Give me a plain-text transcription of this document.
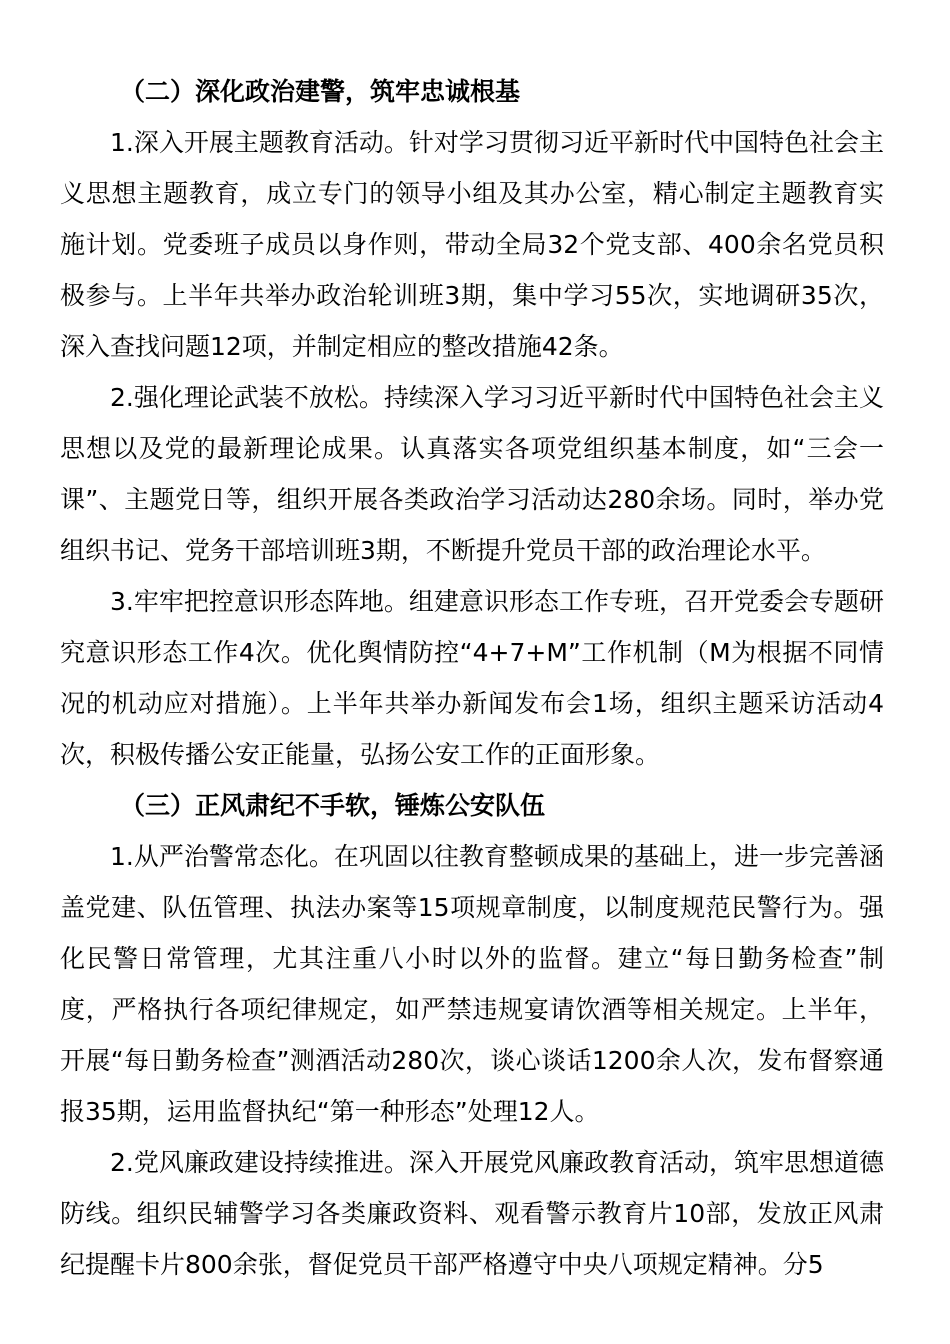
（二）深化政治建警，筑牢忠诚根基

1.深入开展主题教育活动。针对学习贯彻习近平新时代中国特色社会主义思想主题教育，成立专门的领导小组及其办公室，精心制定主题教育实施计划。党委班子成员以身作则，带动全局32个党支部、400余名党员积极参与。上半年共举办政治轮训班3期，集中学习55次，实地调研35次，深入查找问题12项，并制定相应的整改措施42条。

2.强化理论武装不放松。持续深入学习习近平新时代中国特色社会主义思想以及党的最新理论成果。认真落实各项党组织基本制度，如“三会一课”、主题党日等，组织开展各类政治学习活动达280余场。同时，举办党组织书记、党务干部培训班3期，不断提升党员干部的政治理论水平。

3.牢牢把控意识形态阵地。组建意识形态工作专班，召开党委会专题研究意识形态工作4次。优化舆情防控“4+7+M”工作机制（M为根据不同情况的机动应对措施）。上半年共举办新闻发布会1场，组织主题采访活动4次，积极传播公安正能量，弘扬公安工作的正面形象。

（三）正风肃纪不手软，锤炼公安队伍

1.从严治警常态化。在巩固以往教育整顿成果的基础上，进一步完善涵盖党建、队伍管理、执法办案等15项规章制度，以制度规范民警行为。强化民警日常管理，尤其注重八小时以外的监督。建立“每日勤务检查”制度，严格执行各项纪律规定，如严禁违规宴请饮酒等相关规定。上半年，开展“每日勤务检查”测酒活动280次，谈心谈话1200余人次，发布督察通报35期，运用监督执纪“第一种形态”处理12人。

2.党风廉政建设持续推进。深入开展党风廉政教育活动，筑牢思想道德防线。组织民辅警学习各类廉政资料、观看警示教育片10部，发放正风肃纪提醒卡片800余张，督促党员干部严格遵守中央八项规定精神。分5
